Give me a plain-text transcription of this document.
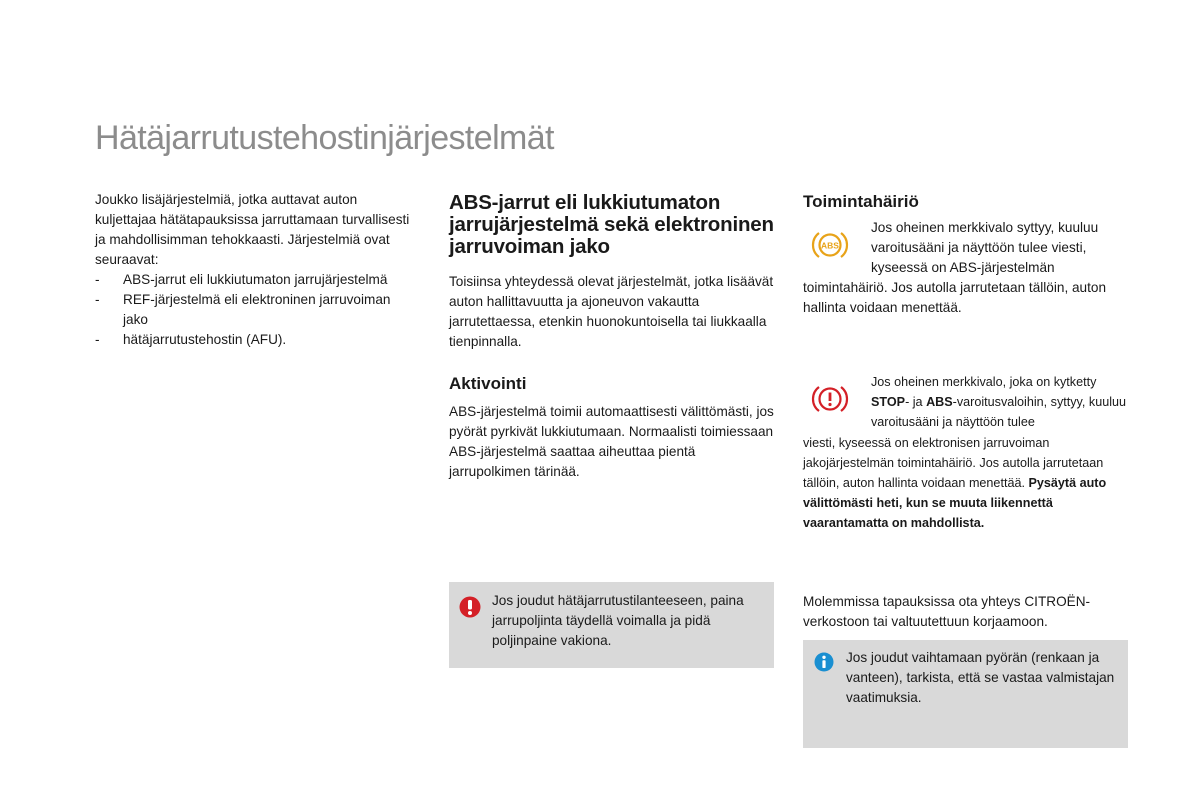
Hätäjarrutustehostinjärjestelmät

Joukko lisäjärjestelmiä, jotka auttavat auton kuljettajaa hätätapauksissa jarruttamaan turvallisesti ja mahdollisimman tehokkaasti. Järjestelmiä ovat seuraavat:

- ABS-jarrut eli lukkiutumaton jarrujärjestelmä
- REF-järjestelmä eli elektroninen jarruvoiman jako
- hätäjarrutustehostin (AFU).
ABS-jarrut eli lukkiutumaton jarrujärjestelmä sekä elektroninen jarruvoiman jako

Toisiinsa yhteydessä olevat järjestelmät, jotka lisäävät auton hallittavuutta ja ajoneuvon vakautta jarrutettaessa, etenkin huonokuntoisella tai liukkaalla tienpinnalla.

Aktivointi

ABS-järjestelmä toimii automaattisesti välittömästi, jos pyörät pyrkivät lukkiutumaan. Normaalisti toimiessaan ABS-järjestelmä saattaa aiheuttaa pientä jarrupolkimen tärinää.

Jos joudut hätäjarrutustilanteeseen, paina jarrupoljinta täydellä voimalla ja pidä poljinpaine vakiona.
Toimintahäiriö
ABS
Jos oheinen merkkivalo syttyy, kuuluu varoitusääni ja näyttöön tulee viesti, kyseessä on ABS-järjestelmän
toimintahäiriö. Jos autolla jarrutetaan tällöin, auton hallinta voidaan menettää.
Jos oheinen merkkivalo, joka on kytketty STOP- ja ABS-varoitusvaloihin, syttyy, kuuluu varoitusääni ja näyttöön tulee
viesti, kyseessä on elektronisen jarruvoiman jakojärjestelmän toimintahäiriö. Jos autolla jarrutetaan tällöin, auton hallinta voidaan menettää. Pysäytä auto välittömästi heti, kun se muuta liikennettä vaarantamatta on mahdollista.

Molemmissa tapauksissa ota yhteys CITROËN-verkostoon tai valtuutettuun korjaamoon.

Jos joudut vaihtamaan pyörän (renkaan ja vanteen), tarkista, että se vastaa valmistajan vaatimuksia.
